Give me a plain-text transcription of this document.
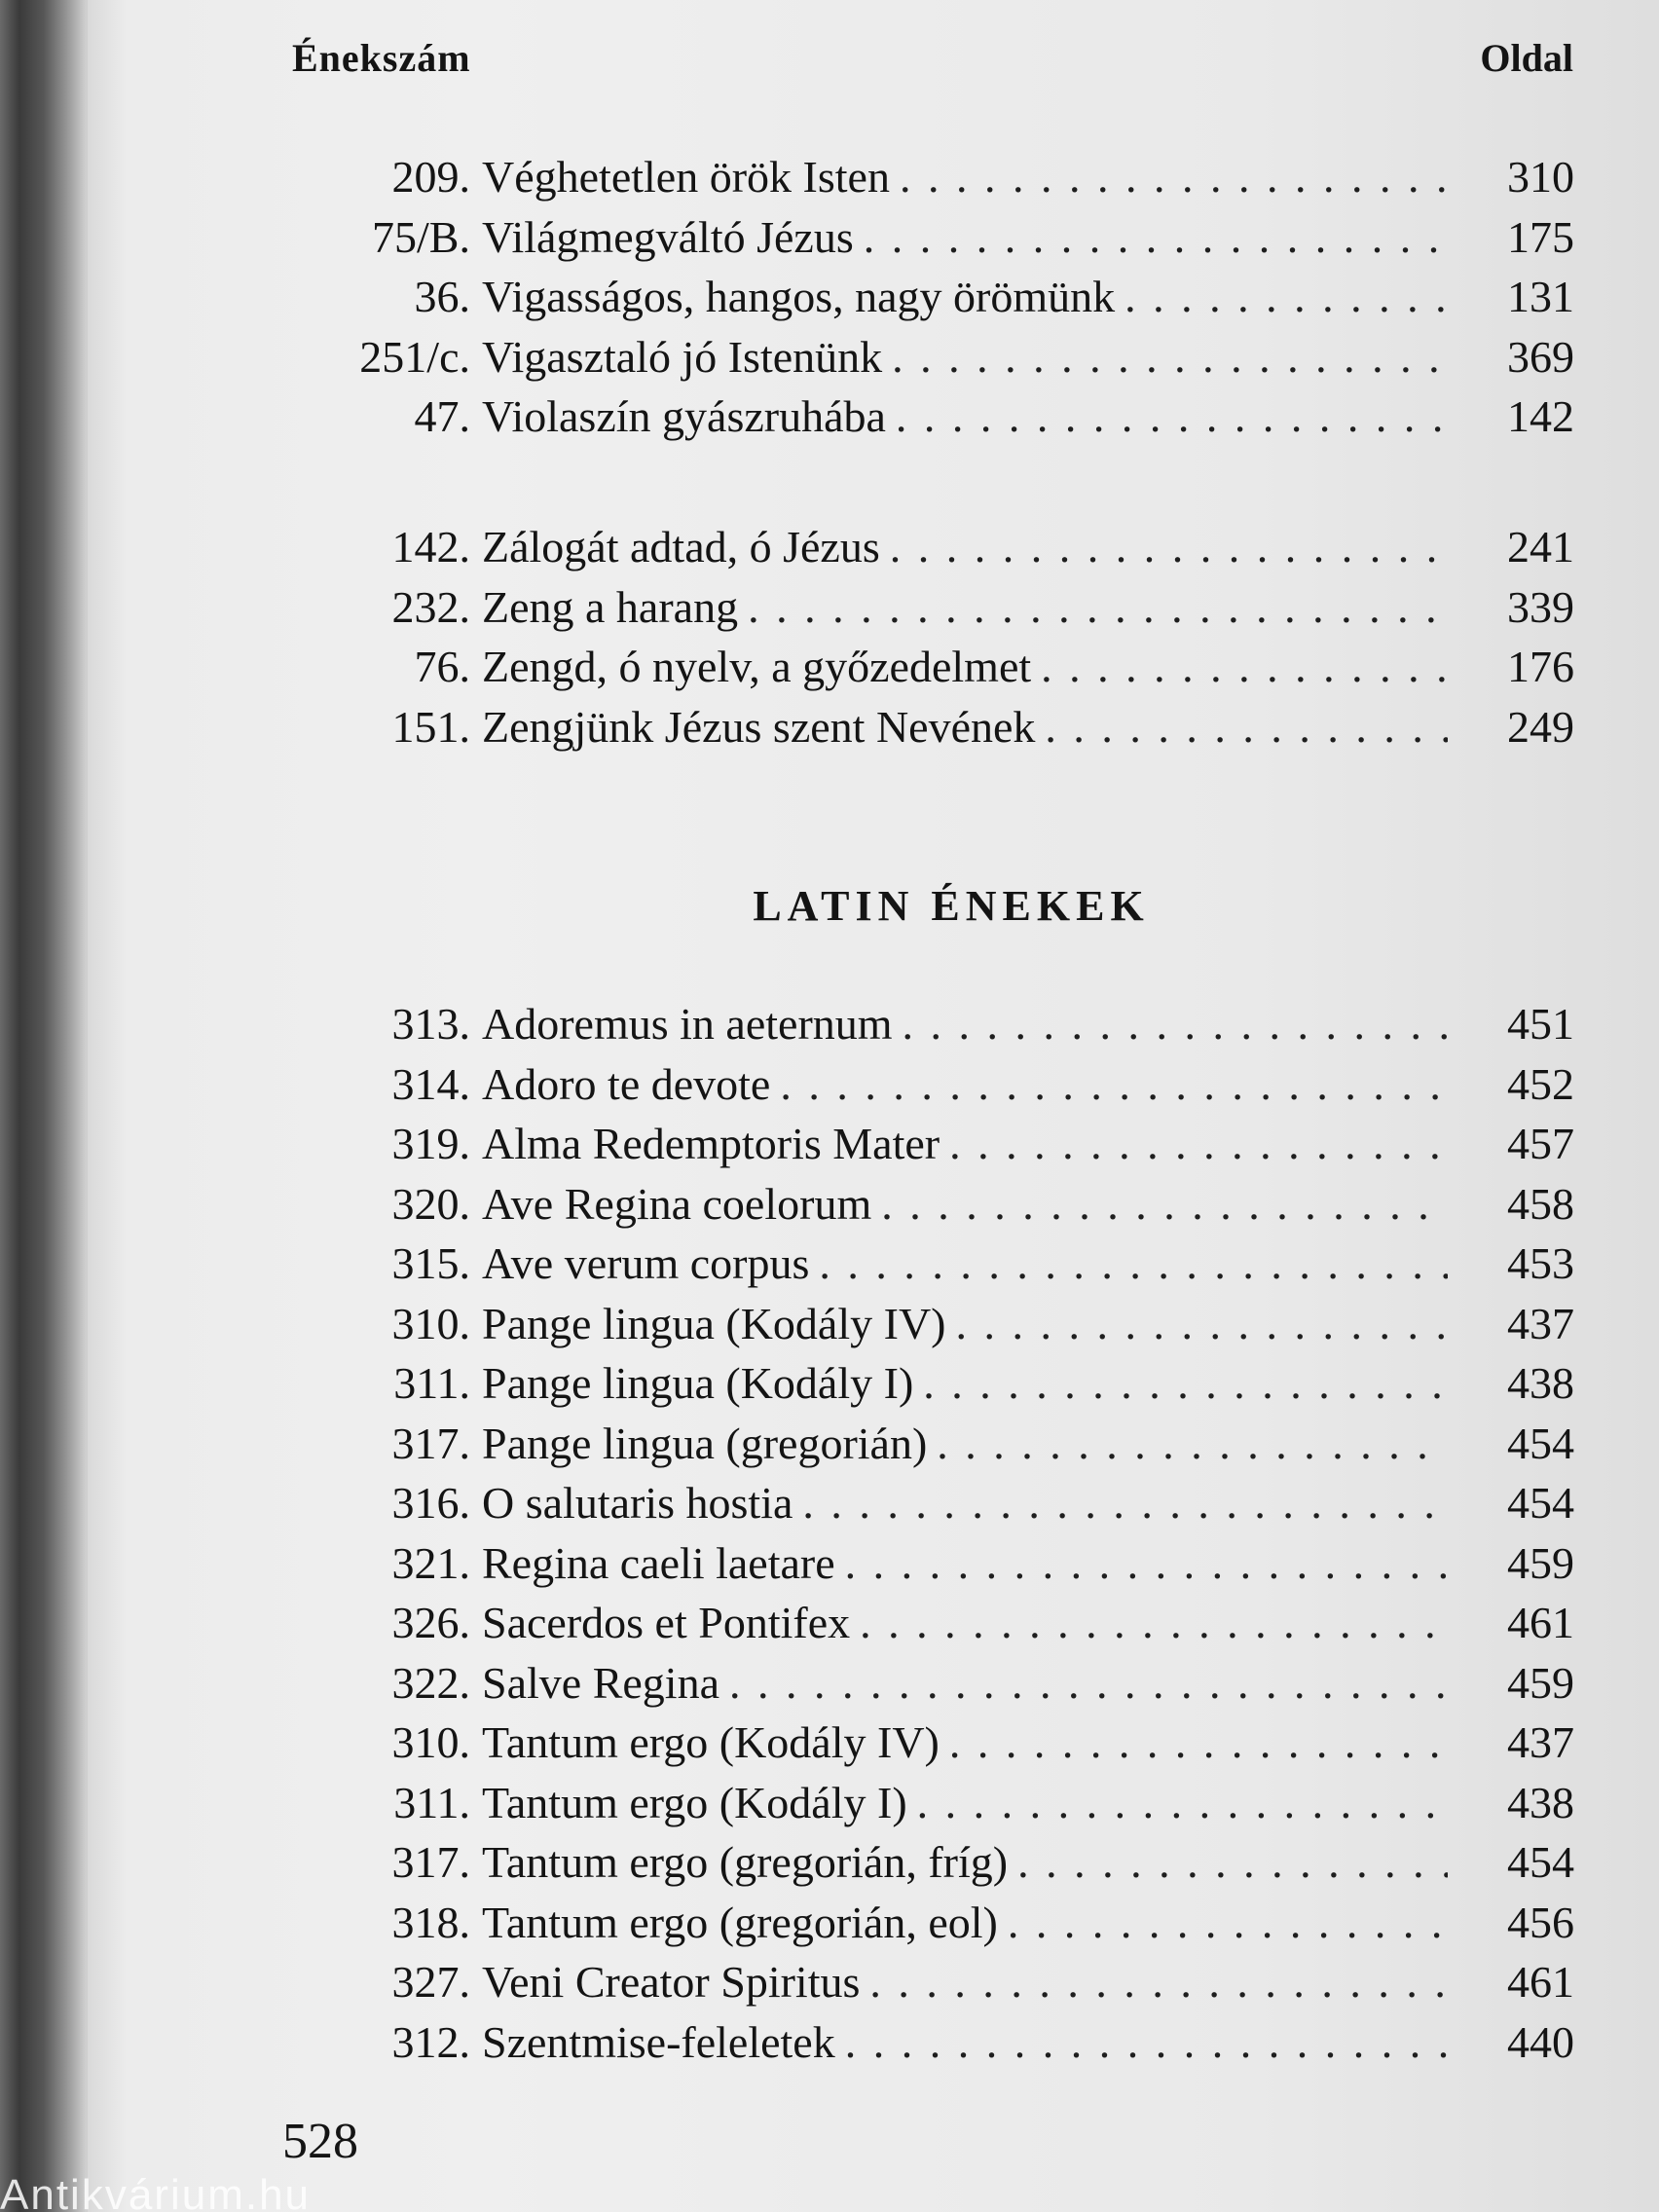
Énekszám	Oldal
209. Véghetetlen örök Isten . . .	310
75/B. Világmegváltó Jézus . . .	175
36. Vigasságos, hangos, nagy örömünk . . .	131
251/c. Vigasztaló jó Istenünk . . .	369
47. Violaszín gyászruhába . . .	142
142. Zálogát adtad, ó Jézus . . .	241
232. Zeng a harang . . .	339
76. Zengd, ó nyelv, a győzedelmet . . .	176
151. Zengjünk Jézus szent Nevének . . .	249
LATIN ÉNEKEK
313. Adoremus in aeternum . . .	451
314. Adoro te devote . . .	452
319. Alma Redemptoris Mater . . .	457
320. Ave Regina coelorum . . .	458
315. Ave verum corpus . . .	453
310. Pange lingua (Kodály IV) . . .	437
311. Pange lingua (Kodály I) . . .	438
317. Pange lingua (gregorián) . . .	454
316. O salutaris hostia . . .	454
321. Regina caeli laetare . . .	459
326. Sacerdos et Pontifex . . .	461
322. Salve Regina . . .	459
310. Tantum ergo (Kodály IV) . . .	437
311. Tantum ergo (Kodály I) . . .	438
317. Tantum ergo (gregorián, fríg) . . .	454
318. Tantum ergo (gregorián, eol) . . .	456
327. Veni Creator Spiritus . . .	461
312. Szentmise-feleletek . . .	440
528
Antikvárium.hu
